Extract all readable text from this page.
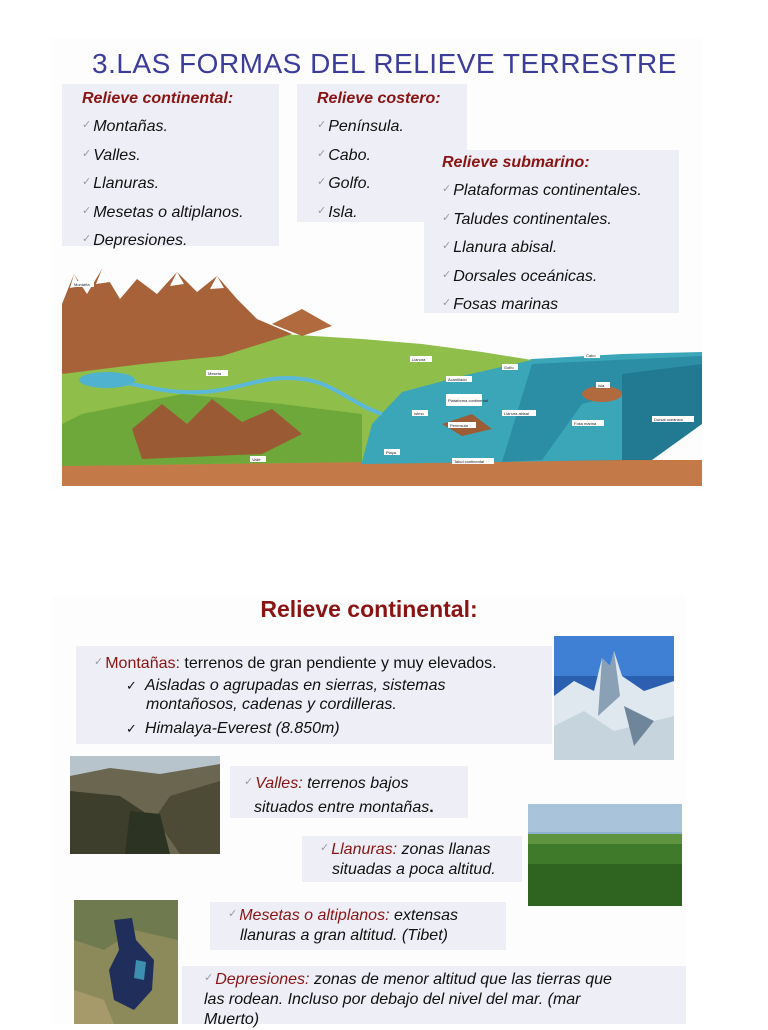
3.LAS FORMAS DEL RELIEVE TERRESTRE
Relieve continental:
✓ Montañas.
✓ Valles.
✓ Llanuras.
✓ Mesetas o altiplanos.
✓ Depresiones.
Relieve costero:
✓ Península.
✓ Cabo.
✓ Golfo.
✓ Isla.
Relieve submarino:
✓ Plataformas continentales.
✓ Taludes continentales.
✓ Llanura abisal.
✓ Dorsales oceánicas.
✓ Fosas marinas
Montaña
Meseta
Valle
Llanura
Golfo
Cabo
Isla
Acantilado
Istmo
Plataforma continental
Península
Playa
Llanura abisal
Talud continental
Fosa marina
Dorsal oceánica
Relieve continental:
✓ Montañas: terrenos de gran pendiente y muy elevados.
✓ Aisladas o agrupadas en sierras, sistemas
montañosos, cadenas y cordilleras.
✓ Himalaya-Everest (8.850m)
✓ Valles: terrenos bajos
situados entre montañas.
✓ Llanuras: zonas llanas
situadas a poca altitud.
✓ Mesetas o altiplanos: extensas
llanuras a gran altitud. (Tibet)
✓ Depresiones: zonas de menor altitud que las tierras que
las rodean. Incluso por debajo del nivel del mar. (mar
Muerto)
